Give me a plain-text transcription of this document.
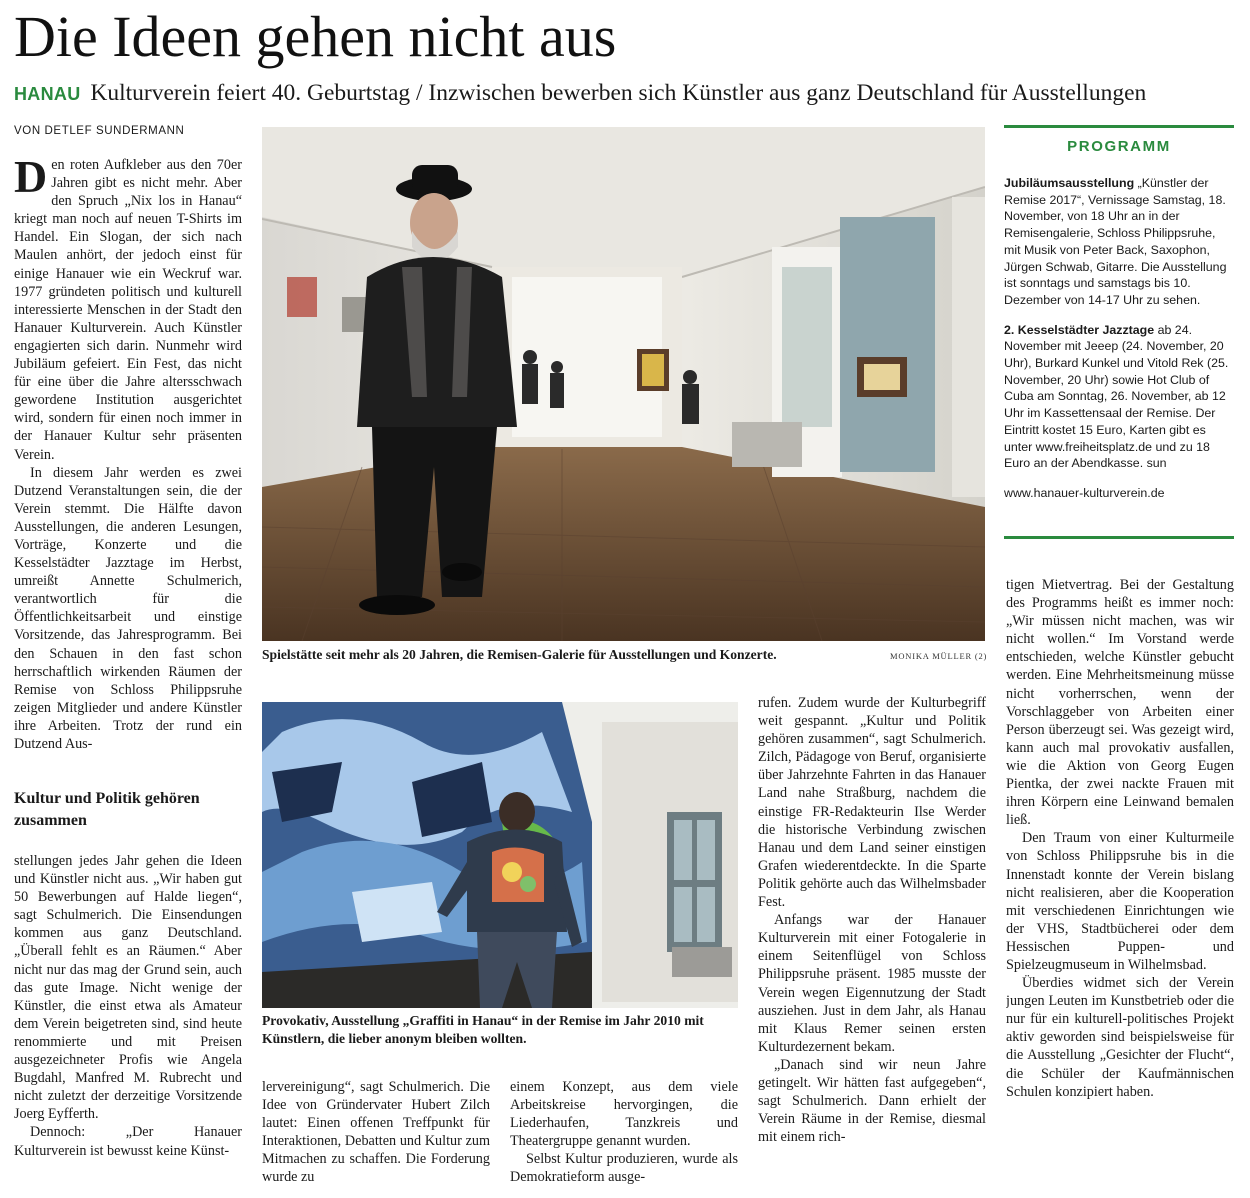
Die Ideen gehen nicht aus
HANAU Kulturverein feiert 40. Geburtstag / Inzwischen bewerben sich Künstler aus ganz Deutschland für Ausstellungen
VON DETLEF SUNDERMANN

Den roten Aufkleber aus den 70er Jahren gibt es nicht mehr. Aber den Spruch „Nix los in Hanau“ kriegt man noch auf neuen T-Shirts im Handel. Ein Slogan, der sich nach Maulen anhört, der jedoch einst für einige Hanauer wie ein Weckruf war. 1977 gründeten politisch und kulturell interessierte Menschen in der Stadt den Hanauer Kulturverein. Auch Künstler engagierten sich darin. Nunmehr wird Jubiläum gefeiert. Ein Fest, das nicht für eine über die Jahre altersschwach gewordene Institution ausgerichtet wird, sondern für einen noch immer in der Hanauer Kultur sehr präsenten Verein.

In diesem Jahr werden es zwei Dutzend Veranstaltungen sein, die der Verein stemmt. Die Hälfte davon Ausstellungen, die anderen Lesungen, Vorträge, Konzerte und die Kesselstädter Jazztage im Herbst, umreißt Annette Schulmerich, verantwortlich für die Öffentlichkeitsarbeit und einstige Vorsitzende, das Jahresprogramm. Bei den Schauen in den fast schon herrschaftlich wirkenden Räumen der Remise von Schloss Philippsruhe zeigen Mitglieder und andere Künstler ihre Arbeiten. Trotz der rund ein Dutzend Aus-

Kultur und Politik gehören zusammen

stellungen jedes Jahr gehen die Ideen und Künstler nicht aus. „Wir haben gut 50 Bewerbungen auf Halde liegen“, sagt Schulmerich. Die Einsendungen kommen aus ganz Deutschland. „Überall fehlt es an Räumen.“ Aber nicht nur das mag der Grund sein, auch das gute Image. Nicht wenige der Künstler, die einst etwa als Amateur dem Verein beigetreten sind, sind heute renommierte und mit Preisen ausgezeichneter Profis wie Angela Bugdahl, Manfred M. Rubrecht und nicht zuletzt der derzeitige Vorsitzende Joerg Eyfferth.

Dennoch: „Der Hanauer Kulturverein ist bewusst keine Künst-

Spielstätte seit mehr als 20 Jahren, die Remisen-Galerie für Ausstellungen und Konzerte.	MONIKA MÜLLER (2)

Provokativ, Ausstellung „Graffiti in Hanau“ in der Remise im Jahr 2010 mit Künstlern, die lieber anonym bleiben wollten.

lervereinigung“, sagt Schulmerich. Die Idee von Gründervater Hubert Zilch lautet: Einen offenen Treffpunkt für Interaktionen, Debatten und Kultur zum Mitmachen zu schaffen. Die Forderung wurde zu

einem Konzept, aus dem viele Arbeitskreise hervorgingen, die Liederhaufen, Tanzkreis und Theatergruppe genannt wurden.

Selbst Kultur produzieren, wurde als Demokratieform ausge-

rufen. Zudem wurde der Kulturbegriff weit gespannt. „Kultur und Politik gehören zusammen“, sagt Schulmerich. Zilch, Pädagoge von Beruf, organisierte über Jahrzehnte Fahrten in das Hanauer Land nahe Straßburg, nachdem die einstige FR-Redakteurin Ilse Werder die historische Verbindung zwischen Hanau und dem Land seiner einstigen Grafen wiederentdeckte. In die Sparte Politik gehörte auch das Wilhelmsbader Fest.

Anfangs war der Hanauer Kulturverein mit einer Fotogalerie in einem Seitenflügel von Schloss Philippsruhe präsent. 1985 musste der Verein wegen Eigennutzung der Stadt ausziehen. Just in dem Jahr, als Hanau mit Klaus Remer seinen ersten Kulturdezernent bekam.

„Danach sind wir neun Jahre getingelt. Wir hätten fast aufgegeben“, sagt Schulmerich. Dann erhielt der Verein Räume in der Remise, diesmal mit einem rich-

tigen Mietvertrag. Bei der Gestaltung des Programms heißt es immer noch: „Wir müssen nicht machen, was wir nicht wollen.“ Im Vorstand werde entschieden, welche Künstler gebucht werden. Eine Mehrheitsmeinung müsse nicht vorherrschen, wenn der Vorschlaggeber von Arbeiten einer Person überzeugt sei. Was gezeigt wird, kann auch mal provokativ ausfallen, wie die Aktion von Georg Eugen Pientka, der zwei nackte Frauen mit ihren Körpern eine Leinwand bemalen ließ.

Den Traum von einer Kulturmeile von Schloss Philippsruhe bis in die Innenstadt konnte der Verein bislang nicht realisieren, aber die Kooperation mit verschiedenen Einrichtungen wie der VHS, Stadtbücherei oder dem Hessischen Puppen- und Spielzeugmuseum in Wilhelmsbad.

Überdies widmet sich der Verein jungen Leuten im Kunstbetrieb oder die nur für ein kulturell-politisches Projekt aktiv geworden sind beispielsweise für die Ausstellung „Gesichter der Flucht“, die Schüler der Kaufmännischen Schulen konzipiert haben.

PROGRAMM

Jubiläumsausstellung „Künstler der Remise 2017“, Vernissage Samstag, 18. November, von 18 Uhr an in der Remisengalerie, Schloss Philippsruhe, mit Musik von Peter Back, Saxophon, Jürgen Schwab, Gitarre. Die Ausstellung ist sonntags und samstags bis 10. Dezember von 14-17 Uhr zu sehen.

2. Kesselstädter Jazztage ab 24. November mit Jeeep (24. November, 20 Uhr), Burkard Kunkel und Vitold Rek (25. November, 20 Uhr) sowie Hot Club of Cuba am Sonntag, 26. November, ab 12 Uhr im Kassettensaal der Remise. Der Eintritt kostet 15 Euro, Karten gibt es unter www.freiheitsplatz.de und zu 18 Euro an der Abendkasse. sun

www.hanauer-kulturverein.de
